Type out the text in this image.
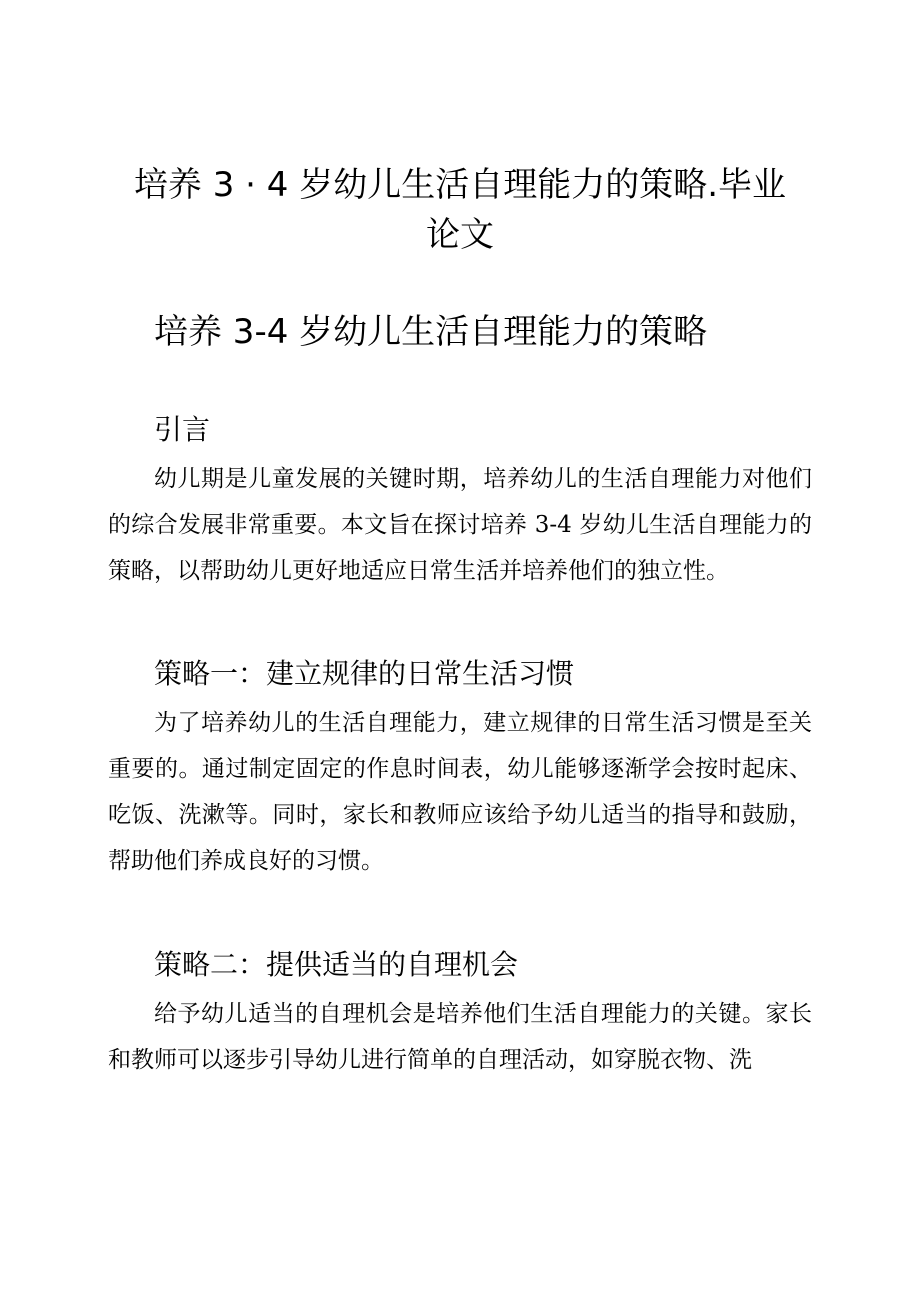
培养 3 · 4 岁幼儿生活自理能力的策略.毕业论文
培养 3-4 岁幼儿生活自理能力的策略
引言

幼儿期是儿童发展的关键时期，培养幼儿的生活自理能力对他们的综合发展非常重要。本文旨在探讨培养 3-4 岁幼儿生活自理能力的策略，以帮助幼儿更好地适应日常生活并培养他们的独立性。

策略一：建立规律的日常生活习惯

为了培养幼儿的生活自理能力，建立规律的日常生活习惯是至关重要的。通过制定固定的作息时间表，幼儿能够逐渐学会按时起床、吃饭、洗漱等。同时，家长和教师应该给予幼儿适当的指导和鼓励，帮助他们养成良好的习惯。

策略二：提供适当的自理机会

给予幼儿适当的自理机会是培养他们生活自理能力的关键。家长和教师可以逐步引导幼儿进行简单的自理活动，如穿脱衣物、洗
